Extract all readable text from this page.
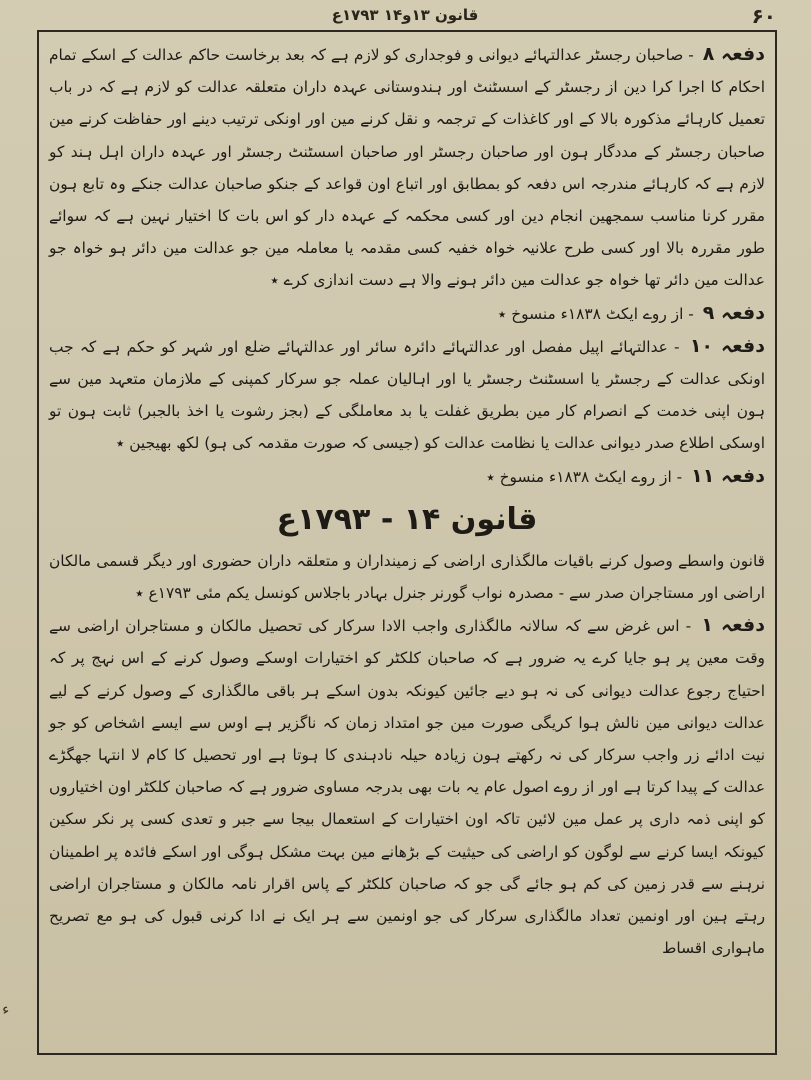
۶۰
قانون ۱۳و۱۴ ۱۷۹۳ع

دفعہ ۸ - صاحبان رجسٹر عدالتہائے دیوانی و فوجداری کو لازم ہے کہ بعد برخاست حاکم عدالت کے اسکے تمام احکام کا اجرا کرا دین از رجسٹر کے اسسٹنٹ اور ہندوستانی عہدہ داران متعلقہ عدالت کو لازم ہے کہ در باب تعمیل کارہائے مذکورہ بالا کے اور کاغذات کے ترجمہ و نقل کرنے مین اور اونکی ترتیب دینے اور حفاظت کرنے مین صاحبان رجسٹر کے مددگار ہون اور صاحبان رجسٹر اور صاحبان اسسٹنٹ رجسٹر اور عہدہ داران اہل ہند کو لازم ہے کہ کارہائے مندرجہ اس دفعہ کو بمطابق اور اتباع اون قواعد کے جنکو صاحبان عدالت جنکے وہ تابع ہون مقرر کرنا مناسب سمجھین انجام دین اور کسی محکمہ کے عہدہ دار کو اس بات کا اختیار نہین ہے کہ سوائے طور مقررہ بالا اور کسی طرح علانیہ خواہ خفیہ کسی مقدمہ یا معاملہ مین جو عدالت مین دائر ہو خواہ جو عدالت مین دائر تھا خواہ جو عدالت مین دائر ہونے والا ہے دست اندازی کرے ٭

دفعہ ۹ - از روے ایکٹ ۱۸۳۸ء منسوخ ٭

دفعہ ۱۰ - عدالتہائے اپیل مفصل اور عدالتہائے دائرہ سائر اور عدالتہائے ضلع اور شہر کو حکم ہے کہ جب اونکی عدالت کے رجسٹر یا اسسٹنٹ رجسٹر یا اور اہالیان عملہ جو سرکار کمپنی کے ملازمان متعہد مین سے ہون اپنی خدمت کے انصرام کار مین بطریق غفلت یا بد معاملگی کے (بجز رشوت یا اخذ بالجبر) ثابت ہون تو اوسکی اطلاع صدر دیوانی عدالت یا نظامت عدالت کو (جیسی کہ صورت مقدمہ کی ہو) لکھ بھیجین ٭

دفعہ ۱۱ - از روے ایکٹ ۱۸۳۸ء منسوخ ٭

قانون ۱۴ - ۱۷۹۳ع

قانون واسطے وصول کرنے باقیات مالگذاری اراضی کے زمینداران و متعلقہ داران حضوری اور دیگر قسمی مالکان اراضی اور مستاجران صدر سے - مصدرہ نواب گورنر جنرل بہادر باجلاس کونسل یکم مئی ۱۷۹۳ع ٭

دفعہ ۱ - اس غرض سے کہ سالانہ مالگذاری واجب الادا سرکار کی تحصیل مالکان و مستاجران اراضی سے وقت معین پر ہو جایا کرے یہ ضرور ہے کہ صاحبان کلکٹر کو اختیارات اوسکے وصول کرنے کے اس نہج پر کہ احتیاج رجوع عدالت دیوانی کی نہ ہو دیے جائین کیونکہ بدون اسکے ہر باقی مالگذاری کے وصول کرنے کے لیے عدالت دیوانی مین نالش ہوا کریگی صورت مین جو امتداد زمان کہ ناگزیر ہے اوس سے ایسے اشخاص کو جو نیت ادائے زر واجب سرکار کی نہ رکھتے ہون زیادہ حیلہ نادہندی کا ہوتا ہے اور تحصیل کا کام لا انتہا جھگڑے عدالت کے پیدا کرتا ہے اور از روے اصول عام یہ بات بھی بدرجہ مساوی ضرور ہے کہ صاحبان کلکٹر اون اختیاروں کو اپنی ذمہ داری پر عمل مین لائین تاکہ اون اختیارات کے استعمال بیجا سے جبر و تعدی کسی پر نکر سکین کیونکہ ایسا کرنے سے لوگون کو اراضی کی حیثیت کے بڑھانے مین بہت مشکل ہوگی اور اسکے فائدہ پر اطمینان نرہنے سے قدر زمین کی کم ہو جائے گی جو کہ صاحبان کلکٹر کے پاس اقرار نامہ مالکان و مستاجران اراضی رہتے ہین اور اونمین تعداد مالگذاری سرکار کی جو اونمین سے ہر ایک نے ادا کرنی قبول کی ہو مع تصریح ماہواری اقساط

ء
